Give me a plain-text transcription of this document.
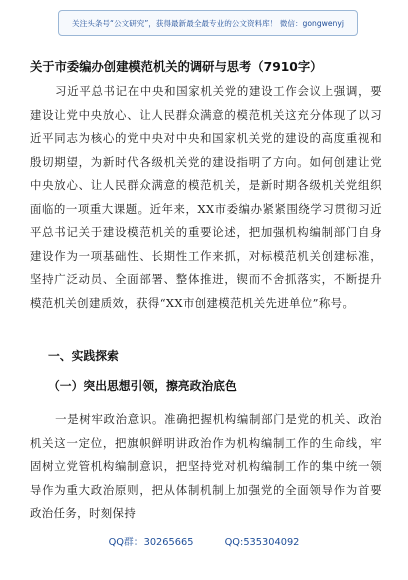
关注头条号“公文研究”，获得最新最全最专业的公文资料库！ 微信：gongwenyj
关于市委编办创建模范机关的调研与思考（7910字）

习近平总书记在中央和国家机关党的建设工作会议上强调，要建设让党中央放心、让人民群众满意的模范机关这充分体现了以习近平同志为核心的党中央对中央和国家机关党的建设的高度重视和殷切期望，为新时代各级机关党的建设指明了方向。如何创建让党中央放心、让人民群众满意的模范机关，是新时期各级机关党组织面临的一项重大课题。近年来，XX市委编办紧紧围绕学习贯彻习近平总书记关于建设模范机关的重要论述，把加强机构编制部门自身建设作为一项基础性、长期性工作来抓，对标模范机关创建标准，坚持广泛动员、全面部署、整体推进，锲而不舍抓落实，不断提升模范机关创建质效，获得“XX市创建模范机关先进单位”称号。

一、实践探索
（一）突出思想引领，擦亮政治底色

一是树牢政治意识。准确把握机构编制部门是党的机关、政治机关这一定位，把旗帜鲜明讲政治作为机构编制工作的生命线，牢固树立党管机构编制意识，把坚持党对机构编制工作的集中统一领导作为重大政治原则，把从体制机制上加强党的全面领导作为首要政治任务，时刻保持

QQ群：30265665	QQ:535304092
